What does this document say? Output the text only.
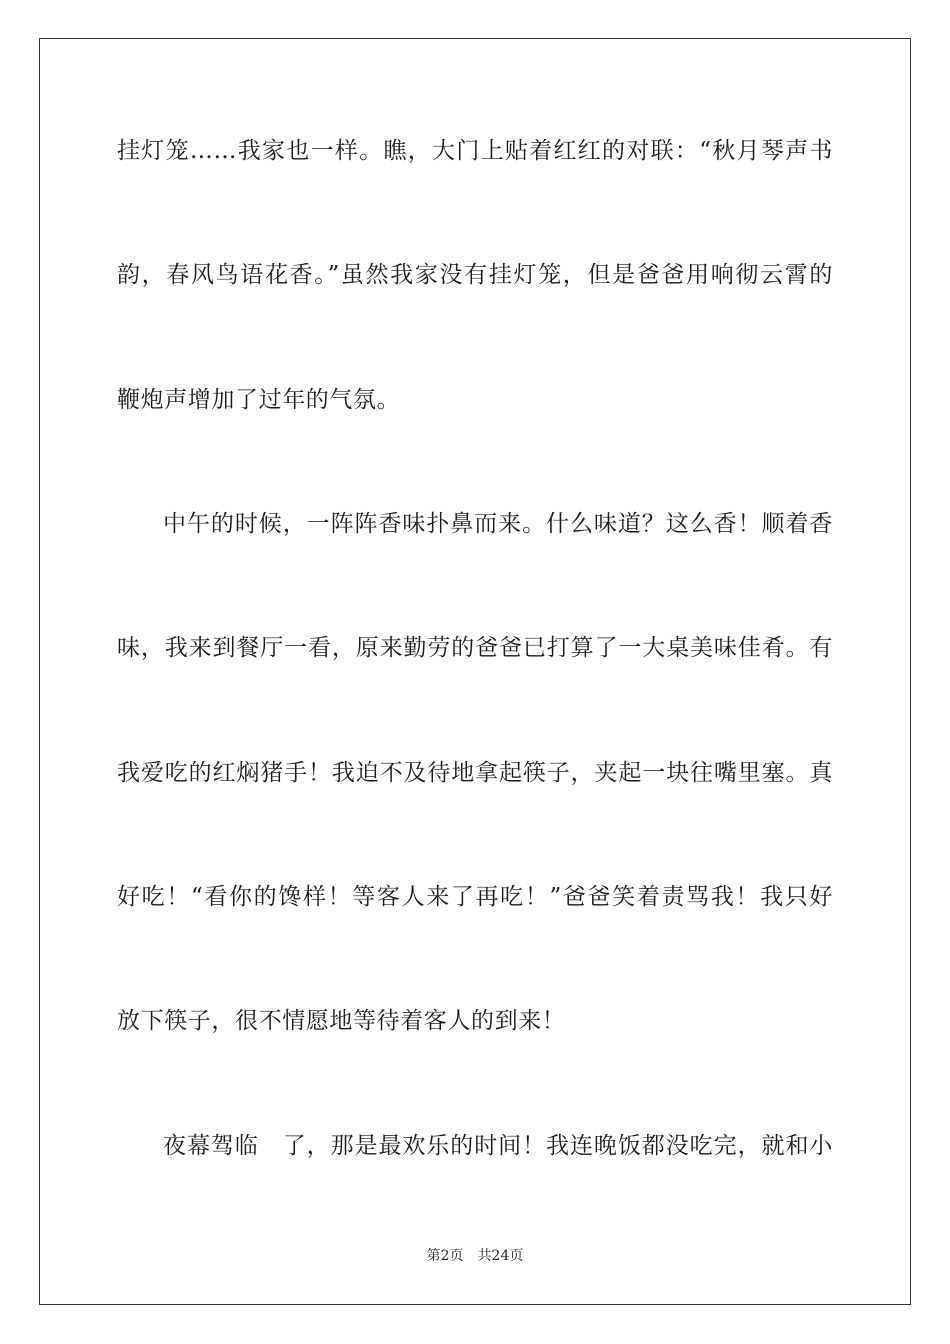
挂灯笼……我家也一样。瞧，大门上贴着红红的对联：“秋月琴声书
韵，春风鸟语花香。”虽然我家没有挂灯笼，但是爸爸用响彻云霄的
鞭炮声增加了过年的气氛。
中午的时候，一阵阵香味扑鼻而来。什么味道？这么香！顺着香
味，我来到餐厅一看，原来勤劳的爸爸已打算了一大桌美味佳肴。有
我爱吃的红焖猪手！我迫不及待地拿起筷子，夹起一块往嘴里塞。真
好吃！“看你的馋样！等客人来了再吃！”爸爸笑着责骂我！我只好
放下筷子，很不情愿地等待着客人的到来！
夜幕驾临　了，那是最欢乐的时间！我连晚饭都没吃完，就和小
第2页　共24页
